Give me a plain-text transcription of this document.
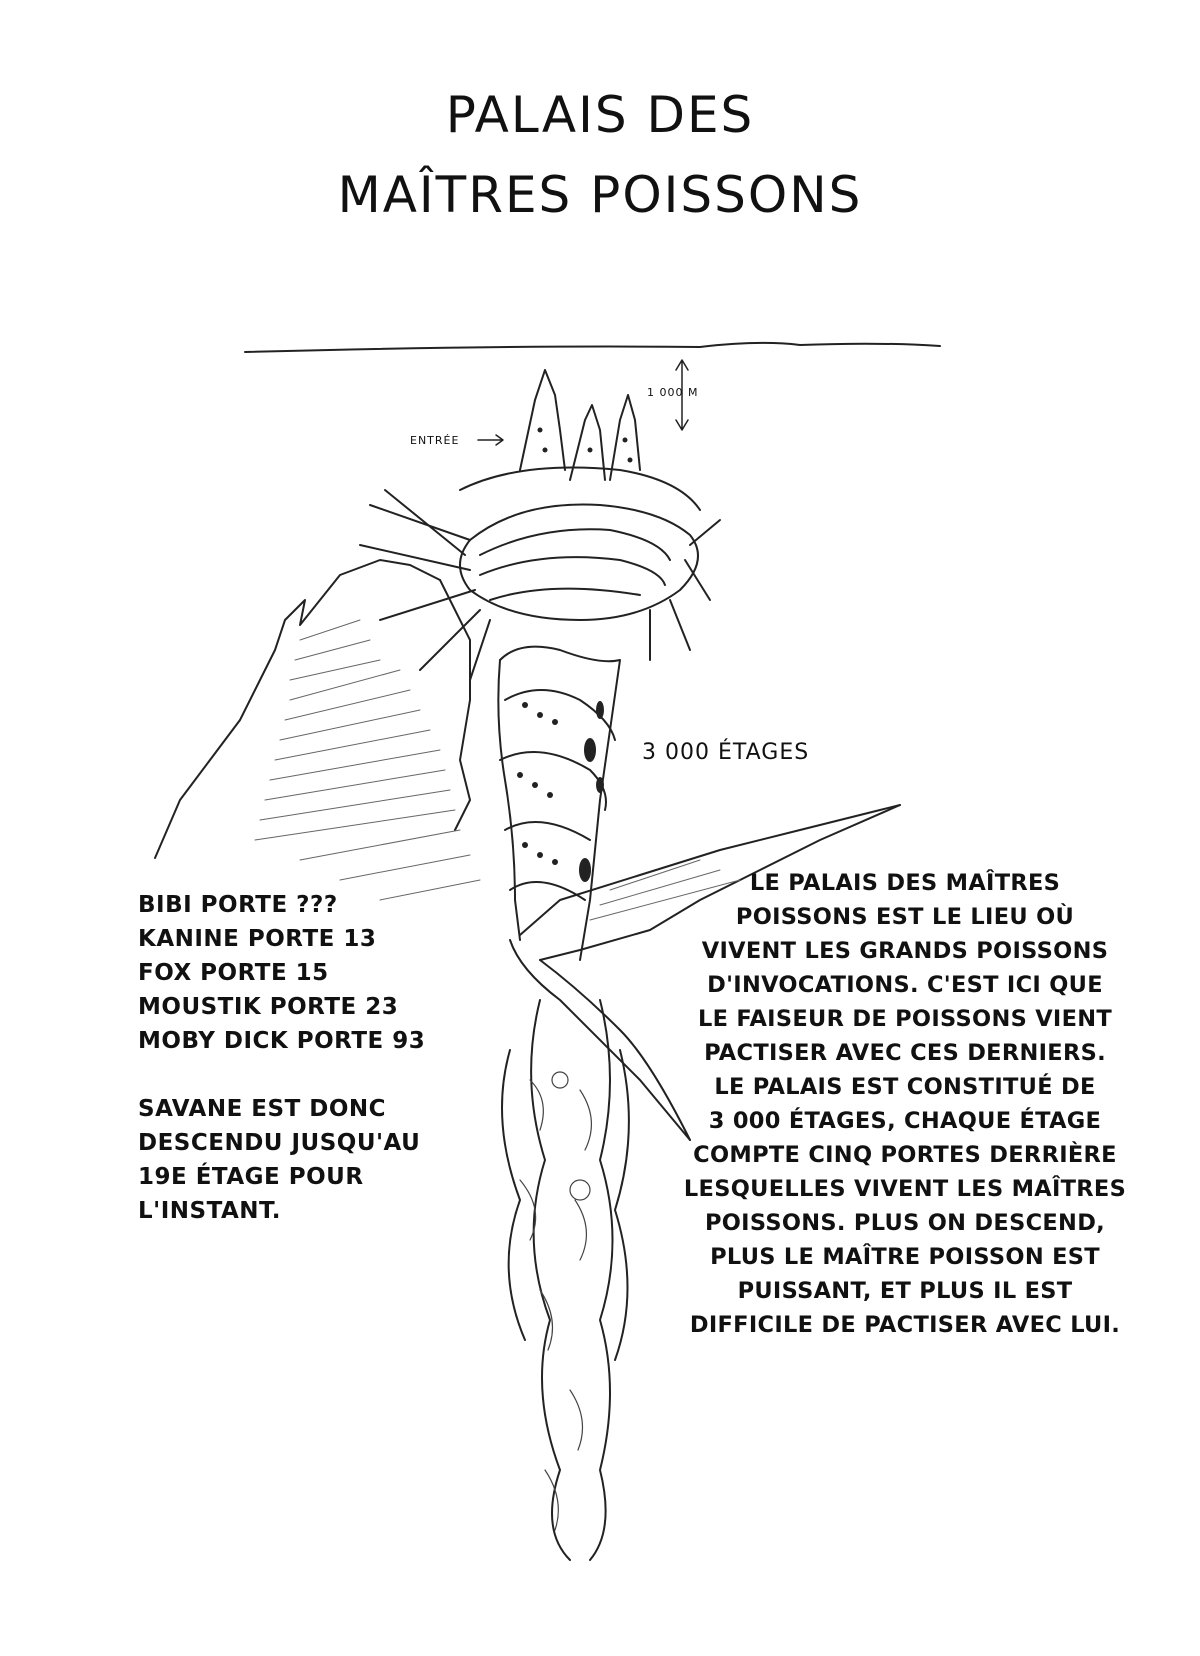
PALAIS DES
MAÎTRES POISSONS
1 000 M
ENTRÉE
3 000 ÉTAGES
BIBI PORTE ???
KANINE PORTE 13
FOX PORTE 15
MOUSTIK PORTE 23
MOBY DICK PORTE 93
SAVANE EST DONC
DESCENDU JUSQU'AU
19E ÉTAGE POUR
L'INSTANT.
LE PALAIS DES MAÎTRES
POISSONS EST LE LIEU OÙ
VIVENT LES GRANDS POISSONS
D'INVOCATIONS. C'EST ICI QUE
LE FAISEUR DE POISSONS VIENT
PACTISER AVEC CES DERNIERS.
LE PALAIS EST CONSTITUÉ DE
3 000 ÉTAGES, CHAQUE ÉTAGE
COMPTE CINQ PORTES DERRIÈRE
LESQUELLES VIVENT LES MAÎTRES
POISSONS. PLUS ON DESCEND,
PLUS LE MAÎTRE POISSON EST
PUISSANT, ET PLUS IL EST
DIFFICILE DE PACTISER AVEC LUI.
